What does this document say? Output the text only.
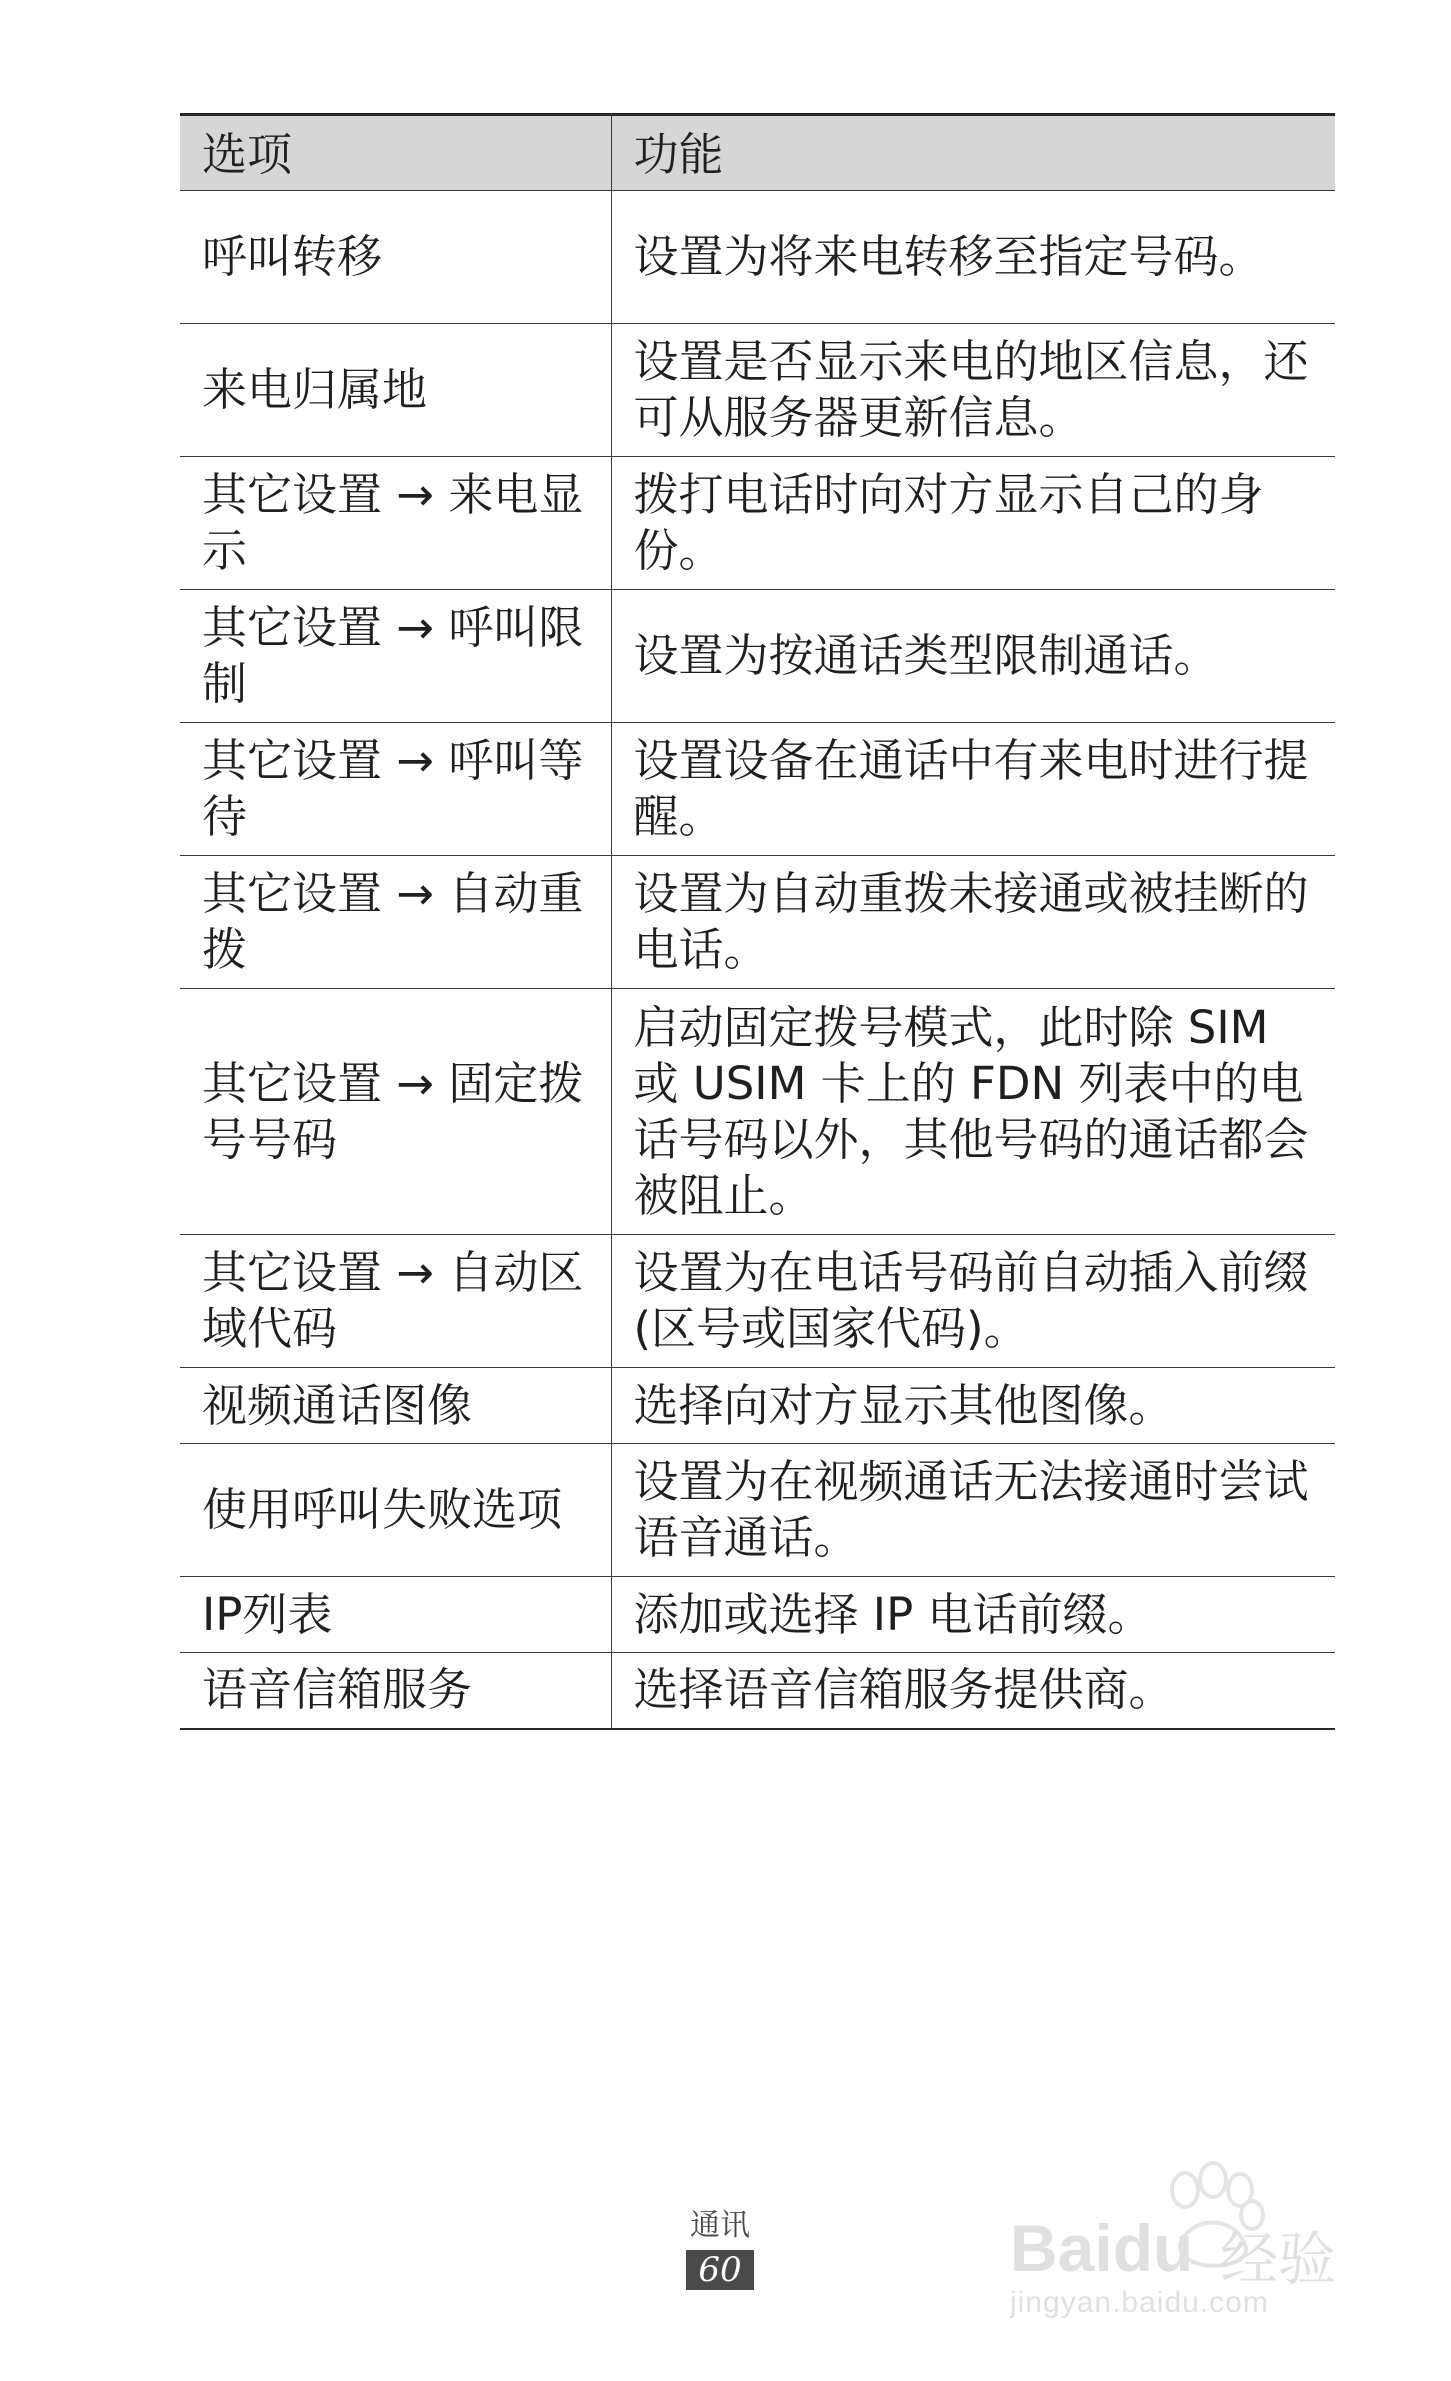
选项	功能
呼叫转移	设置为将来电转移至指定号码。
来电归属地	设置是否显示来电的地区信息，还可从服务器更新信息。
其它设置 → 来电显示	拨打电话时向对方显示自己的身份。
其它设置 → 呼叫限制	设置为按通话类型限制通话。
其它设置 → 呼叫等待	设置设备在通话中有来电时进行提醒。
其它设置 → 自动重拨	设置为自动重拨未接通或被挂断的电话。
其它设置 → 固定拨号号码	启动固定拨号模式，此时除 SIM 或 USIM 卡上的 FDN 列表中的电话号码以外，其他号码的通话都会被阻止。
其它设置 → 自动区域代码	设置为在电话号码前自动插入前缀 (区号或国家代码)。
视频通话图像	选择向对方显示其他图像。
使用呼叫失败选项	设置为在视频通话无法接通时尝试语音通话。
IP列表	添加或选择 IP 电话前缀。
语音信箱服务	选择语音信箱服务提供商。
通讯
60	Baidu 经验
jingyan.baidu.com
